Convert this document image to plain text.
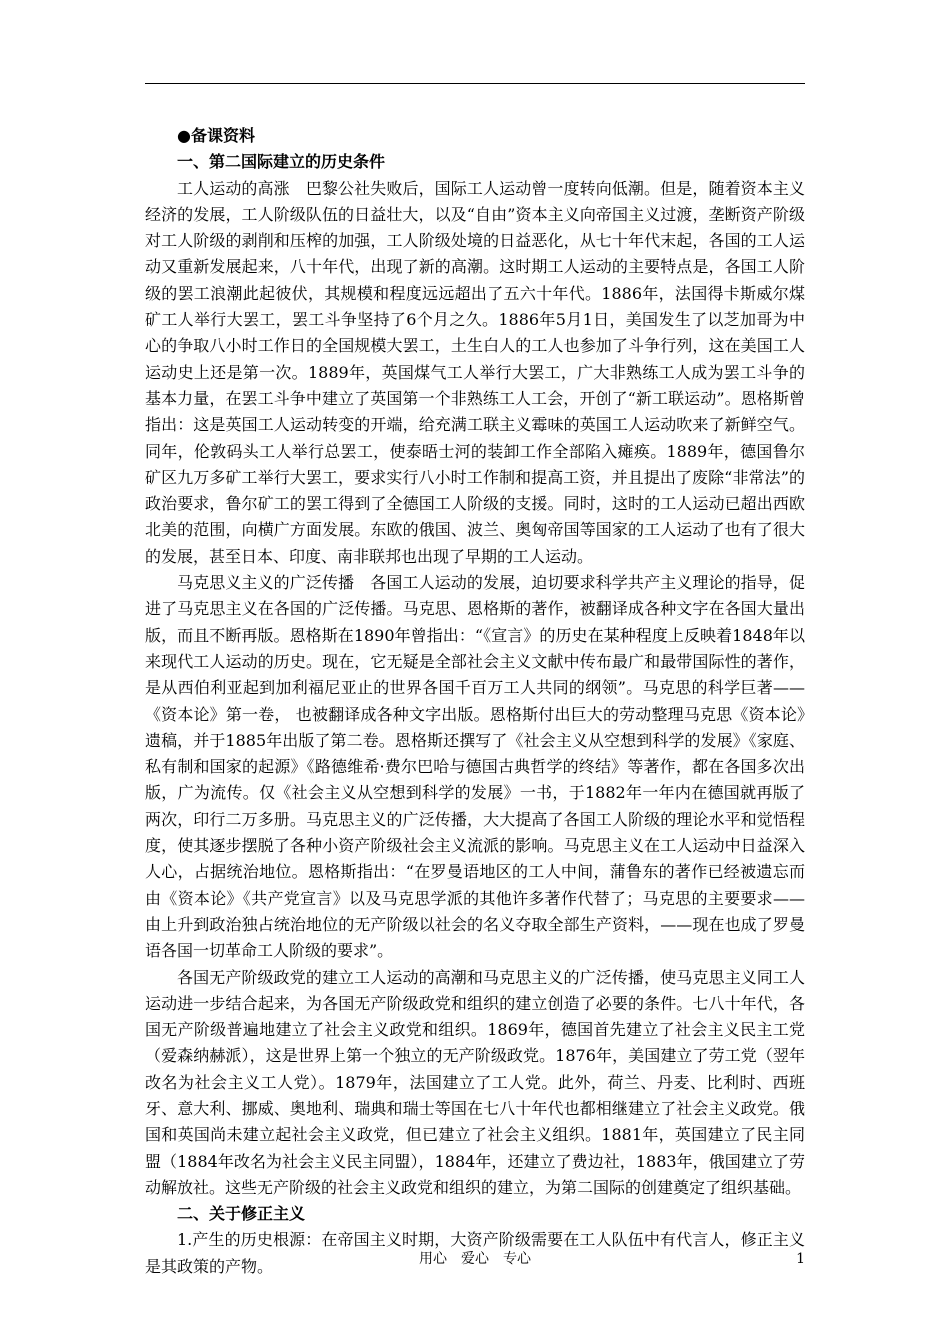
●备课资料

一、第二国际建立的历史条件

工人运动的高涨　巴黎公社失败后，国际工人运动曾一度转向低潮。但是，随着资本主义经济的发展，工人阶级队伍的日益壮大，以及“自由”资本主义向帝国主义过渡，垄断资产阶级对工人阶级的剥削和压榨的加强，工人阶级处境的日益恶化，从七十年代末起，各国的工人运动又重新发展起来，八十年代，出现了新的高潮。这时期工人运动的主要特点是，各国工人阶级的罢工浪潮此起彼伏，其规模和程度远远超出了五六十年代。1886年，法国得卡斯威尔煤矿工人举行大罢工，罢工斗争坚持了6个月之久。1886年5月1日，美国发生了以芝加哥为中心的争取八小时工作日的全国规模大罢工，土生白人的工人也参加了斗争行列，这在美国工人运动史上还是第一次。1889年，英国煤气工人举行大罢工，广大非熟练工人成为罢工斗争的基本力量，在罢工斗争中建立了英国第一个非熟练工人工会，开创了“新工联运动”。恩格斯曾指出：这是英国工人运动转变的开端，给充满工联主义霉味的英国工人运动吹来了新鲜空气。同年，伦敦码头工人举行总罢工，使泰晤士河的装卸工作全部陷入瘫痪。1889年，德国鲁尔矿区九万多矿工举行大罢工，要求实行八小时工作制和提高工资，并且提出了废除“非常法”的政治要求，鲁尔矿工的罢工得到了全德国工人阶级的支援。同时，这时的工人运动已超出西欧北美的范围，向横广方面发展。东欧的俄国、波兰、奥匈帝国等国家的工人运动了也有了很大的发展，甚至日本、印度、南非联邦也出现了早期的工人运动。

马克思义主义的广泛传播　各国工人运动的发展，迫切要求科学共产主义理论的指导，促进了马克思主义在各国的广泛传播。马克思、恩格斯的著作，被翻译成各种文字在各国大量出版，而且不断再版。恩格斯在1890年曾指出：“《宣言》的历史在某种程度上反映着1848年以来现代工人运动的历史。现在，它无疑是全部社会主义文献中传布最广和最带国际性的著作，是从西伯利亚起到加利福尼亚止的世界各国千百万工人共同的纲领”。马克思的科学巨著——《资本论》第一卷， 也被翻译成各种文字出版。恩格斯付出巨大的劳动整理马克思《资本论》遗稿，并于1885年出版了第二卷。恩格斯还撰写了《社会主义从空想到科学的发展》《家庭、私有制和国家的起源》《路德维希·费尔巴哈与德国古典哲学的终结》等著作，都在各国多次出版，广为流传。仅《社会主义从空想到科学的发展》一书，于1882年一年内在德国就再版了两次，印行二万多册。马克思主义的广泛传播，大大提高了各国工人阶级的理论水平和觉悟程度，使其逐步摆脱了各种小资产阶级社会主义流派的影响。马克思主义在工人运动中日益深入人心，占据统治地位。恩格斯指出：“在罗曼语地区的工人中间，蒲鲁东的著作已经被遗忘而由《资本论》《共产党宣言》以及马克思学派的其他许多著作代替了；马克思的主要要求——由上升到政治独占统治地位的无产阶级以社会的名义夺取全部生产资料，——现在也成了罗曼语各国一切革命工人阶级的要求”。

各国无产阶级政党的建立工人运动的高潮和马克思主义的广泛传播，使马克思主义同工人运动进一步结合起来，为各国无产阶级政党和组织的建立创造了必要的条件。七八十年代，各国无产阶级普遍地建立了社会主义政党和组织。1869年，德国首先建立了社会主义民主工党（爱森纳赫派），这是世界上第一个独立的无产阶级政党。1876年，美国建立了劳工党（翌年改名为社会主义工人党）。1879年，法国建立了工人党。此外，荷兰、丹麦、比利时、西班牙、意大利、挪威、奥地利、瑞典和瑞士等国在七八十年代也都相继建立了社会主义政党。俄国和英国尚未建立起社会主义政党，但已建立了社会主义组织。1881年，英国建立了民主同盟（1884年改名为社会主义民主同盟），1884年，还建立了费边社，1883年，俄国建立了劳动解放社。这些无产阶级的社会主义政党和组织的建立，为第二国际的创建奠定了组织基础。

二、关于修正主义

1.产生的历史根源：在帝国主义时期，大资产阶级需要在工人队伍中有代言人，修正主义是其政策的产物。	用心　爱心　专心	1
